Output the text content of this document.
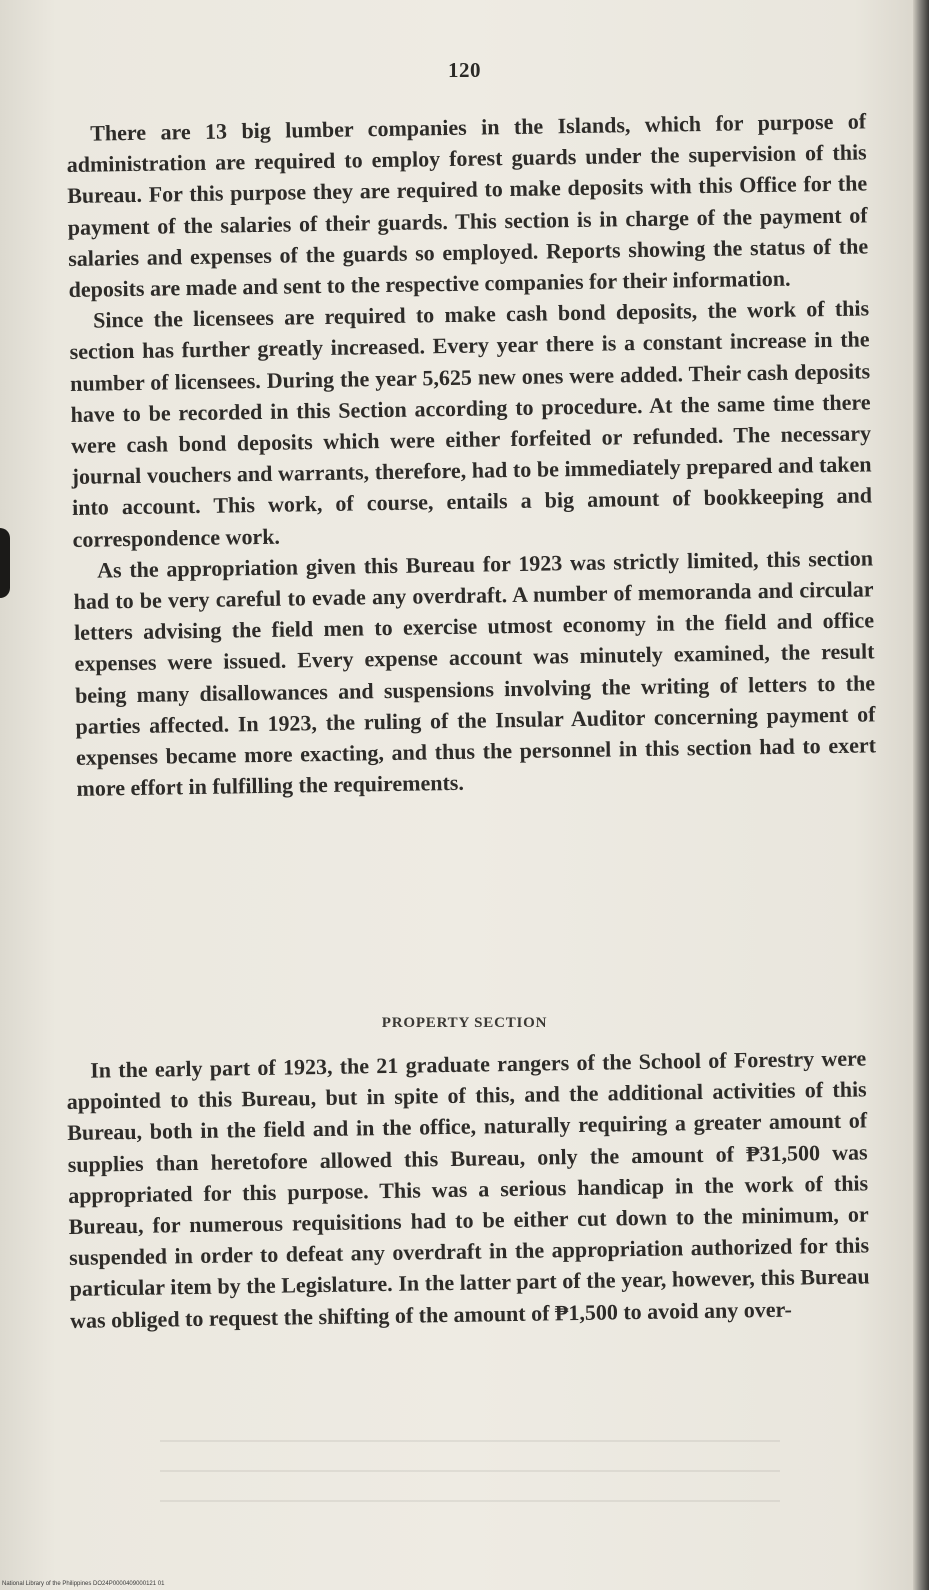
120

There are 13 big lumber companies in the Islands, which for purpose of administration are required to employ forest guards under the supervision of this Bureau. For this purpose they are required to make deposits with this Office for the payment of the salaries of their guards. This section is in charge of the payment of salaries and expenses of the guards so employed. Reports showing the status of the deposits are made and sent to the respective companies for their information.

Since the licensees are required to make cash bond deposits, the work of this section has further greatly increased. Every year there is a constant increase in the number of licensees. During the year 5,625 new ones were added. Their cash deposits have to be recorded in this Section according to procedure. At the same time there were cash bond deposits which were either forfeited or refunded. The necessary journal vouchers and warrants, therefore, had to be immediately prepared and taken into account. This work, of course, entails a big amount of bookkeeping and correspondence work.

As the appropriation given this Bureau for 1923 was strictly limited, this section had to be very careful to evade any overdraft. A number of memoranda and circular letters advising the field men to exercise utmost economy in the field and office expenses were issued. Every expense account was minutely examined, the result being many disallowances and suspensions involving the writing of letters to the parties affected. In 1923, the ruling of the Insular Auditor concerning payment of expenses became more exacting, and thus the personnel in this section had to exert more effort in fulfilling the requirements.

PROPERTY SECTION

In the early part of 1923, the 21 graduate rangers of the School of Forestry were appointed to this Bureau, but in spite of this, and the additional activities of this Bureau, both in the field and in the office, naturally requiring a greater amount of supplies than heretofore allowed this Bureau, only the amount of ₱31,500 was appropriated for this purpose. This was a serious handicap in the work of this Bureau, for numerous requisitions had to be either cut down to the minimum, or suspended in order to defeat any overdraft in the appropriation authorized for this particular item by the Legislature. In the latter part of the year, however, this Bureau was obliged to request the shifting of the amount of ₱1,500 to avoid any over-

National Library of the Philippines DO24P0000409000121 01
